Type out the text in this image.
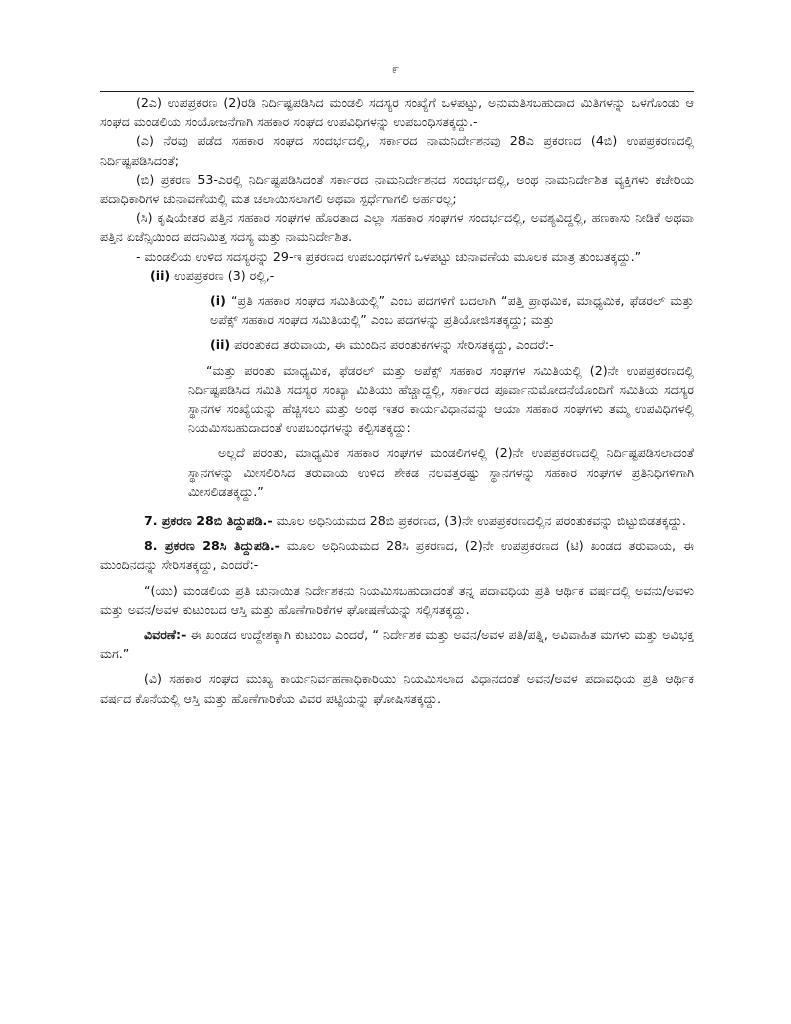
೯

(2ಎ) ಉಪಪ್ರಕರಣ (2)ರಡಿ ನಿರ್ದಿಷ್ಟಪಡಿಸಿದ ಮಂಡಲಿ ಸದಸ್ಯರ ಸಂಖ್ಯೆಗೆ ಒಳಪಟ್ಟು, ಅನುಮತಿಸಬಹುದಾದ ಮಿತಿಗಳನ್ನು ಒಳಗೊಂಡು ಆ ಸಂಘದ ಮಂಡಲಿಯ ಸಂಯೋಜನೆಗಾಗಿ ಸಹಕಾರ ಸಂಘದ ಉಪವಿಧಿಗಳನ್ನು ಉಪಬಂಧಿಸತಕ್ಕದ್ದು.-

(ಎ) ನೆರವು ಪಡೆದ ಸಹಕಾರ ಸಂಘದ ಸಂದರ್ಭದಲ್ಲಿ, ಸರ್ಕಾರದ ನಾಮನಿರ್ದೇಶನವು 28ಎ ಪ್ರಕರಣದ (4ಬಿ) ಉಪಪ್ರಕರಣದಲ್ಲಿ ನಿರ್ದಿಷ್ಟಪಡಿಸಿದಂತೆ;

(ಬಿ) ಪ್ರಕರಣ 53-ಎರಲ್ಲಿ ನಿರ್ದಿಷ್ಟಪಡಿಸಿದಂತೆ ಸರ್ಕಾರದ ನಾಮನಿರ್ದೇಶನದ ಸಂದರ್ಭದಲ್ಲಿ, ಅಂಥ ನಾಮನಿರ್ದೇಶಿತ ವ್ಯಕ್ತಿಗಳು ಕಚೇರಿಯ ಪದಾಧಿಕಾರಿಗಳ ಚುನಾವಣೆಯಲ್ಲಿ ಮತ ಚಲಾಯಿಸಲಾಗಲಿ ಅಥವಾ ಸ್ಪರ್ಧೆಗಾಗಲಿ ಅರ್ಹರಲ್ಲ;

(ಸಿ) ಕೃಷಿಯೇತರ ಪತ್ತಿನ ಸಹಕಾರ ಸಂಘಗಳ ಹೊರತಾದ ಎಲ್ಲಾ ಸಹಕಾರ ಸಂಘಗಳ ಸಂದರ್ಭದಲ್ಲಿ, ಅವಶ್ಯವಿದ್ದಲ್ಲಿ, ಹಣಕಾಸು ನೀಡಿಕೆ ಅಥವಾ ಪತ್ತಿನ ಏಜೆನ್ಸಿಯಿಂದ ಪದನಿಮಿತ್ತ ಸದಸ್ಯ ಮತ್ತು ನಾಮನಿರ್ದೇಶಿತ.

- ಮಂಡಲಿಯ ಉಳಿದ ಸದಸ್ಯರನ್ನು 29-ಇ ಪ್ರಕರಣದ ಉಪಬಂಧಗಳಿಗೆ ಒಳಪಟ್ಟು ಚುನಾವಣೆಯ ಮೂಲಕ ಮಾತ್ರ ತುಂಬತಕ್ಕದ್ದು.”

(ii) ಉಪಪ್ರಕರಣ (3) ರಲ್ಲಿ,-

(i) “ಪ್ರತಿ ಸಹಕಾರ ಸಂಘದ ಸಮಿತಿಯಲ್ಲಿ” ಎಂಬ ಪದಗಳಿಗೆ ಬದಲಾಗಿ “ಪತ್ತಿ ಪ್ರಾಥಮಿಕ, ಮಾಧ್ಯಮಿಕ, ಫೆಡರಲ್ ಮತ್ತು ಅಪೆಕ್ಸ್ ಸಹಕಾರ ಸಂಘದ ಸಮಿತಿಯಲ್ಲಿ” ಎಂಬ ಪದಗಳನ್ನು ಪ್ರತಿಯೋಜಿಸತಕ್ಕದ್ದು; ಮತ್ತು

(ii) ಪರಂತುಕದ ತರುವಾಯ, ಈ ಮುಂದಿನ ಪರಂತುಕಗಳನ್ನು ಸೇರಿಸತಕ್ಕದ್ದು, ಎಂದರೆ:-

“ಮತ್ತು ಪರಂತು ಮಾಧ್ಯಮಿಕ, ಫೆಡರಲ್ ಮತ್ತು ಅಪೆಕ್ಸ್ ಸಹಕಾರ ಸಂಘಗಳ ಸಮಿತಿಯಲ್ಲಿ (2)ನೇ ಉಪಪ್ರಕರಣದಲ್ಲಿ ನಿರ್ದಿಷ್ಟಪಡಿಸಿದ ಸಮಿತಿ ಸದಸ್ಯರ ಸಂಖ್ಯಾ ಮಿತಿಯು ಹೆಚ್ಚಾದ್ದಲ್ಲಿ, ಸರ್ಕಾರದ ಪೂರ್ವಾನುಮೋದನೆಯೊಂದಿಗೆ ಸಮಿತಿಯ ಸದಸ್ಯರ ಸ್ಥಾನಗಳ ಸಂಖ್ಯೆಯನ್ನು ಹೆಚ್ಚಿಸಲು ಮತ್ತು ಅಂಥ ಇತರ ಕಾರ್ಯವಿಧಾನವನ್ನು ಆಯಾ ಸಹಕಾರ ಸಂಘಗಳು ತಮ್ಮ ಉಪವಿಧಿಗಳಲ್ಲಿ ನಿಯಮಿಸಬಹುದಾದಂತೆ ಉಪಬಂಧಗಳನ್ನು ಕಲ್ಪಿಸತಕ್ಕದ್ದು:

ಅಲ್ಲದೆ ಪರಂತು, ಮಾಧ್ಯಮಿಕ ಸಹಕಾರ ಸಂಘಗಳ ಮಂಡಲಿಗಳಲ್ಲಿ (2)ನೇ ಉಪಪ್ರಕರಣದಲ್ಲಿ ನಿರ್ದಿಷ್ಟಪಡಿಸಲಾದಂತೆ ಸ್ಥಾನಗಳನ್ನು ಮೀಸಲಿರಿಸಿದ ತರುವಾಯ ಉಳಿದ ಶೇಕಡ ನಲವತ್ತರಷ್ಟು ಸ್ಥಾನಗಳನ್ನು ಸಹಕಾರ ಸಂಘಗಳ ಪ್ರತಿನಿಧಿಗಳಿಗಾಗಿ ಮೀಸಲಿಡತಕ್ಕದ್ದು.”

7. ಪ್ರಕರಣ 28ಬಿ ತಿದ್ದುಪಡಿ.- ಮೂಲ ಅಧಿನಿಯಮದ 28ಬಿ ಪ್ರಕರಣದ, (3)ನೇ ಉಪಪ್ರಕರಣದಲ್ಲಿನ ಪರಂತುಕವನ್ನು ಬಿಟ್ಟುಬಿಡತಕ್ಕದ್ದು.

8. ಪ್ರಕರಣ 28ಸಿ ತಿದ್ದುಪಡಿ.- ಮೂಲ ಅಧಿನಿಯಮದ 28ಸಿ ಪ್ರಕರಣದ, (2)ನೇ ಉಪಪ್ರಕರಣದ (ಟಿ) ಖಂಡದ ತರುವಾಯ, ಈ ಮುಂದಿನದನ್ನು ಸೇರಿಸತಕ್ಕದ್ದು, ಎಂದರೆ:-

“(ಯು) ಮಂಡಲಿಯ ಪ್ರತಿ ಚುನಾಯಿತ ನಿರ್ದೇಶಕನು ನಿಯಮಿಸಬಹುದಾದಂತೆ ತನ್ನ ಪದಾವಧಿಯ ಪ್ರತಿ ಆರ್ಥಿಕ ವರ್ಷದಲ್ಲಿ ಅವನು/ಅವಳು ಮತ್ತು ಅವನ/ಅವಳ ಕುಟುಂಬದ ಆಸ್ತಿ ಮತ್ತು ಹೊಣೆಗಾರಿಕೆಗಳ ಘೋಷಣೆಯನ್ನು ಸಲ್ಲಿಸತಕ್ಕದ್ದು.

ವಿವರಣೆ:- ಈ ಖಂಡದ ಉದ್ದೇಶಕ್ಕಾಗಿ ಕುಟುಂಬ ಎಂದರೆ, “ ನಿರ್ದೇಶಕ ಮತ್ತು ಅವನ/ಅವಳ ಪತಿ/ಪತ್ನಿ, ಅವಿವಾಹಿತ ಮಗಳು ಮತ್ತು ಅವಿಭಕ್ತ ಮಗ.”

(ವಿ) ಸಹಕಾರ ಸಂಘದ ಮುಖ್ಯ ಕಾರ್ಯನಿರ್ವಹಣಾಧಿಕಾರಿಯು ನಿಯಮಿಸಲಾದ ವಿಧಾನದಂತೆ ಅವನ/ಅವಳ ಪದಾವಧಿಯ ಪ್ರತಿ ಆರ್ಥಿಕ ವರ್ಷದ ಕೊನೆಯಲ್ಲಿ ಆಸ್ತಿ ಮತ್ತು ಹೊಣೆಗಾರಿಕೆಯ ವಿವರ ಪಟ್ಟಿಯನ್ನು ಘೋಷಿಸತಕ್ಕದ್ದು.
